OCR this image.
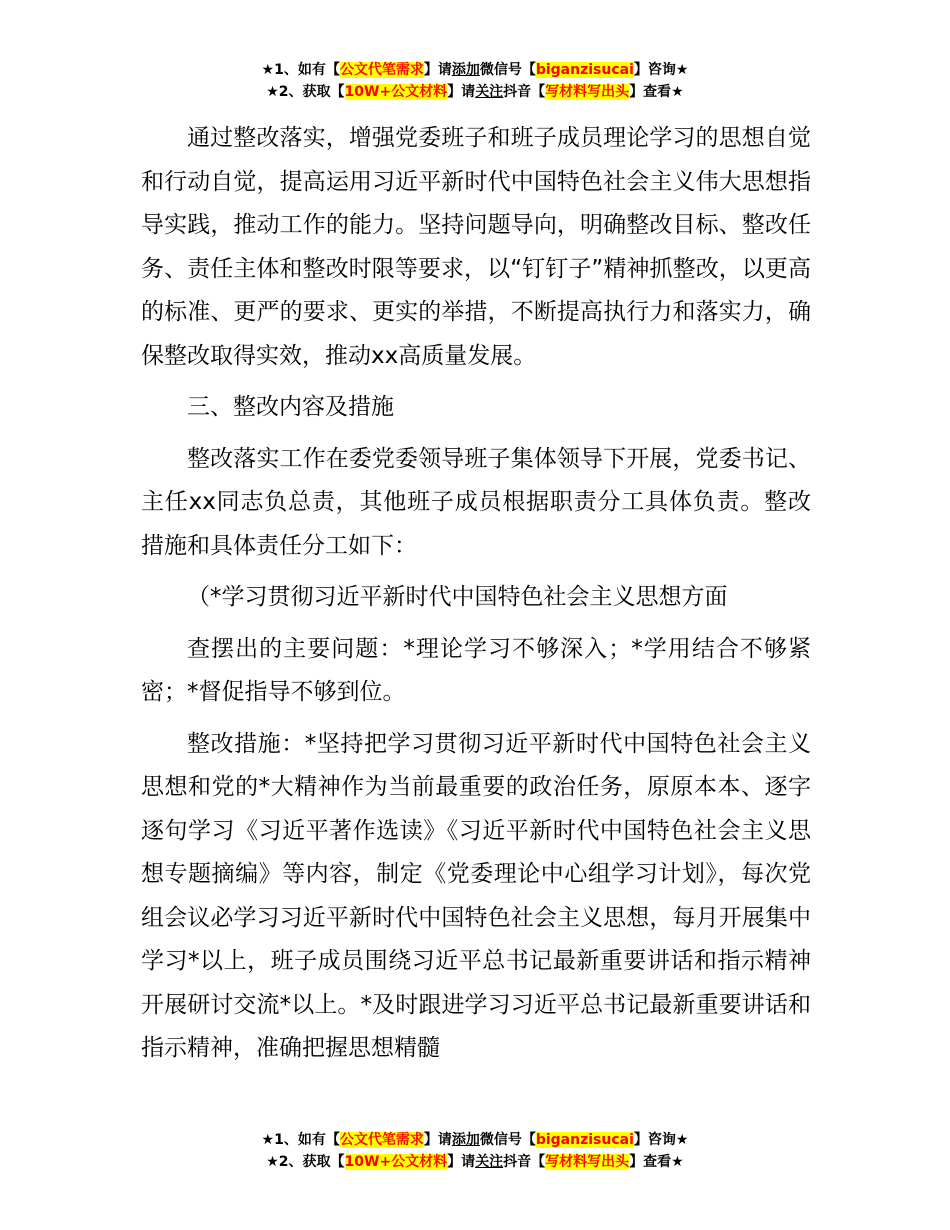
★1、如有【公文代笔需求】请添加微信号【biganzisucai】咨询★
★2、获取【10W+公文材料】请关注抖音【写材料写出头】查看★

通过整改落实，增强党委班子和班子成员理论学习的思想自觉和行动自觉，提高运用习近平新时代中国特色社会主义伟大思想指导实践，推动工作的能力。坚持问题导向，明确整改目标、整改任务、责任主体和整改时限等要求，以“钉钉子”精神抓整改，以更高的标准、更严的要求、更实的举措，不断提高执行力和落实力，确保整改取得实效，推动xx高质量发展。

三、整改内容及措施

整改落实工作在委党委领导班子集体领导下开展，党委书记、主任xx同志负总责，其他班子成员根据职责分工具体负责。整改措施和具体责任分工如下：

（*学习贯彻习近平新时代中国特色社会主义思想方面

查摆出的主要问题：*理论学习不够深入；*学用结合不够紧密；*督促指导不够到位。

整改措施：*坚持把学习贯彻习近平新时代中国特色社会主义思想和党的*大精神作为当前最重要的政治任务，原原本本、逐字逐句学习《习近平著作选读》《习近平新时代中国特色社会主义思想专题摘编》等内容，制定《党委理论中心组学习计划》，每次党组会议必学习习近平新时代中国特色社会主义思想，每月开展集中学习*以上，班子成员围绕习近平总书记最新重要讲话和指示精神开展研讨交流*以上。*及时跟进学习习近平总书记最新重要讲话和指示精神，准确把握思想精髓

★1、如有【公文代笔需求】请添加微信号【biganzisucai】咨询★
★2、获取【10W+公文材料】请关注抖音【写材料写出头】查看★
